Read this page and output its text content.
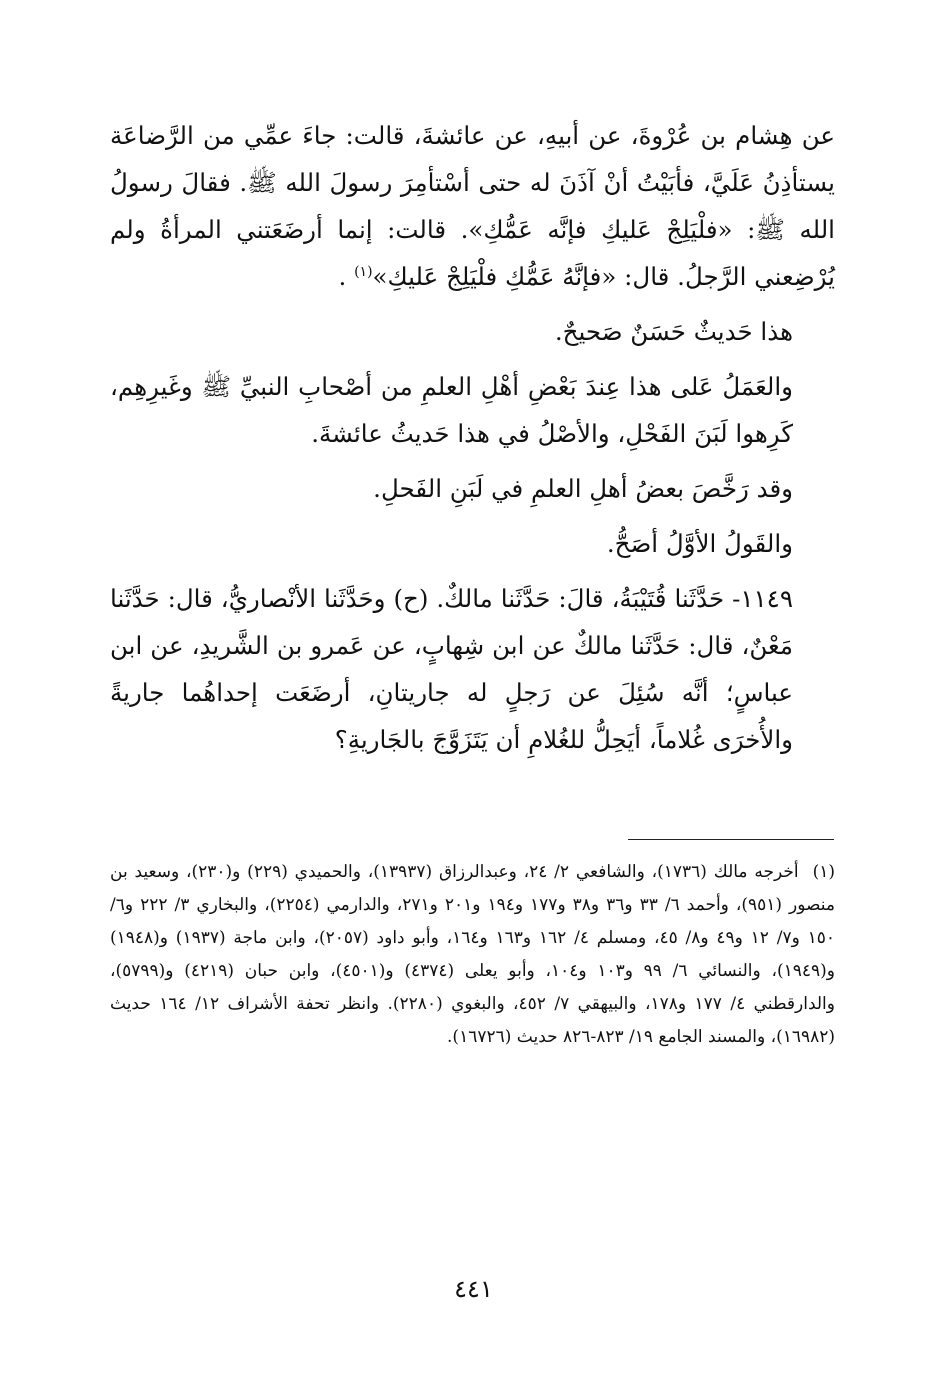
عن هِشام بن عُرْوةَ، عن أبيهِ، عن عائشةَ، قالت: جاءَ عمِّي من الرَّضاعَة يستأذِنُ عَلَيَّ، فأبَيْتُ أنْ آذَنَ له حتى أسْتأمِرَ رسولَ الله ﷺ. فقالَ رسولُ الله ﷺ: «فلْيَلِجْ عَليكِ فإنَّه عَمُّكِ». قالت: إنما أرضَعَتني المرأةُ ولم يُرْضِعني الرَّجلُ. قال: «فإنَّهُ عَمُّكِ فلْيَلِجْ عَليكِ»$^{(١)}$ .

هذا حَديثٌ حَسَنٌ صَحيحٌ.

والعَمَلُ عَلى هذا عِندَ بَعْضِ أهْلِ العلمِ من أصْحابِ النبيِّ ﷺ وغَيرِهِم، كَرِهوا لَبَنَ الفَحْلِ، والأصْلُ في هذا حَديثُ عائشةَ.

وقد رَخَّصَ بعضُ أهلِ العلمِ في لَبَنِ الفَحلِ.

والقَولُ الأوَّلُ أصَحُّ.

١١٤٩- حَدَّثَنا قُتَيْبَةُ، قالَ: حَدَّثَنا مالكٌ. (ح) وحَدَّثَنا الأنْصاريُّ، قال: حَدَّثَنا مَعْنٌ، قال: حَدَّثَنا مالكٌ عن ابن شِهابٍ، عن عَمرو بن الشَّريدِ، عن ابن عباسٍ؛ أنَّه سُئِلَ عن رَجلٍ له جاريتانِ، أرضَعَت إحداهُما جاريةً والأُخرَى غُلاماً، أيَحِلُّ للغُلامِ أن يَتَزَوَّجَ بالجَاريةِ؟

(١)أخرجه مالك (١٧٣٦)، والشافعي ٢/ ٢٤، وعبدالرزاق (١٣٩٣٧)، والحميدي (٢٢٩) و(٢٣٠)، وسعيد بن منصور (٩٥١)، وأحمد ٦/ ٣٣ و٣٦ و٣٨ و١٧٧ و١٩٤ و٢٠١ و٢٧١، والدارمي (٢٢٥٤)، والبخاري ٣/ ٢٢٢ و٦/ ١٥٠ و٧/ ١٢ و٤٩ و٨/ ٤٥، ومسلم ٤/ ١٦٢ و١٦٣ و١٦٤، وأبو داود (٢٠٥٧)، وابن ماجة (١٩٣٧) و(١٩٤٨) و(١٩٤٩)، والنسائي ٦/ ٩٩ و١٠٣ و١٠٤، وأبو يعلى (٤٣٧٤) و(٤٥٠١)، وابن حبان (٤٢١٩) و(٥٧٩٩)، والدارقطني ٤/ ١٧٧ و١٧٨، والبيهقي ٧/ ٤٥٢، والبغوي (٢٢٨٠). وانظر تحفة الأشراف ١٢/ ١٦٤ حديث (١٦٩٨٢)، والمسند الجامع ١٩/ ٨٢٣-٨٢٦ حديث (١٦٧٢٦).

٤٤١
